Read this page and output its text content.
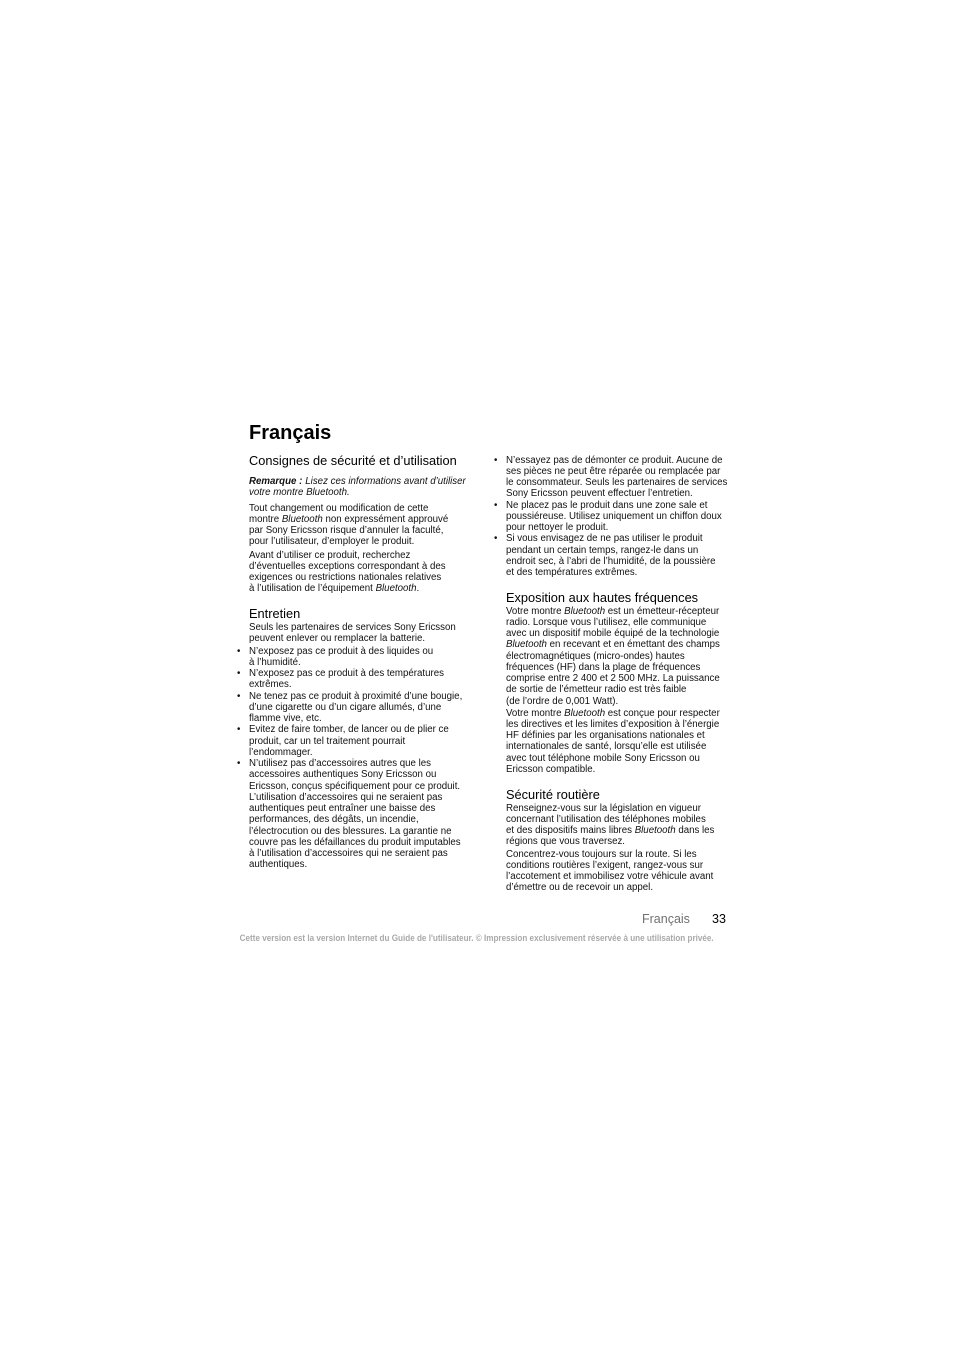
Français
Consignes de sécurité et d’utilisation
Remarque : Lisez ces informations avant d’utiliser
votre montre Bluetooth.
Tout changement ou modification de cette
montre Bluetooth non expressément approuvé
par Sony Ericsson risque d’annuler la faculté,
pour l’utilisateur, d’employer le produit.
Avant d’utiliser ce produit, recherchez
d’éventuelles exceptions correspondant à des
exigences ou restrictions nationales relatives
à l’utilisation de l’équipement Bluetooth.
Entretien
Seuls les partenaires de services Sony Ericsson
peuvent enlever ou remplacer la batterie.
• N’exposez pas ce produit à des liquides ou
à l’humidité.
• N’exposez pas ce produit à des températures
extrêmes.
• Ne tenez pas ce produit à proximité d’une bougie,
d’une cigarette ou d’un cigare allumés, d’une
flamme vive, etc.
• Evitez de faire tomber, de lancer ou de plier ce
produit, car un tel traitement pourrait
l’endommager.
• N’utilisez pas d’accessoires autres que les
accessoires authentiques Sony Ericsson ou
Ericsson, conçus spécifiquement pour ce produit.
L’utilisation d’accessoires qui ne seraient pas
authentiques peut entraîner une baisse des
performances, des dégâts, un incendie,
l’électrocution ou des blessures. La garantie ne
couvre pas les défaillances du produit imputables
à l’utilisation d’accessoires qui ne seraient pas
authentiques.
• N’essayez pas de démonter ce produit. Aucune de
ses pièces ne peut être réparée ou remplacée par
le consommateur. Seuls les partenaires de services
Sony Ericsson peuvent effectuer l’entretien.
• Ne placez pas le produit dans une zone sale et
poussiéreuse. Utilisez uniquement un chiffon doux
pour nettoyer le produit.
• Si vous envisagez de ne pas utiliser le produit
pendant un certain temps, rangez-le dans un
endroit sec, à l’abri de l’humidité, de la poussière
et des températures extrêmes.
Exposition aux hautes fréquences
Votre montre Bluetooth est un émetteur-récepteur
radio. Lorsque vous l’utilisez, elle communique
avec un dispositif mobile équipé de la technologie
Bluetooth en recevant et en émettant des champs
électromagnétiques (micro-ondes) hautes
fréquences (HF) dans la plage de fréquences
comprise entre 2 400 et 2 500 MHz. La puissance
de sortie de l’émetteur radio est très faible
(de l’ordre de 0,001 Watt).
Votre montre Bluetooth est conçue pour respecter
les directives et les limites d’exposition à l’énergie
HF définies par les organisations nationales et
internationales de santé, lorsqu’elle est utilisée
avec tout téléphone mobile Sony Ericsson ou
Ericsson compatible.
Sécurité routière
Renseignez-vous sur la législation en vigueur
concernant l’utilisation des téléphones mobiles
et des dispositifs mains libres Bluetooth dans les
régions que vous traversez.
Concentrez-vous toujours sur la route. Si les
conditions routières l’exigent, rangez-vous sur
l’accotement et immobilisez votre véhicule avant
d’émettre ou de recevoir un appel.
Français 33
Cette version est la version Internet du Guide de l'utilisateur. © Impression exclusivement réservée à une utilisation privée.
